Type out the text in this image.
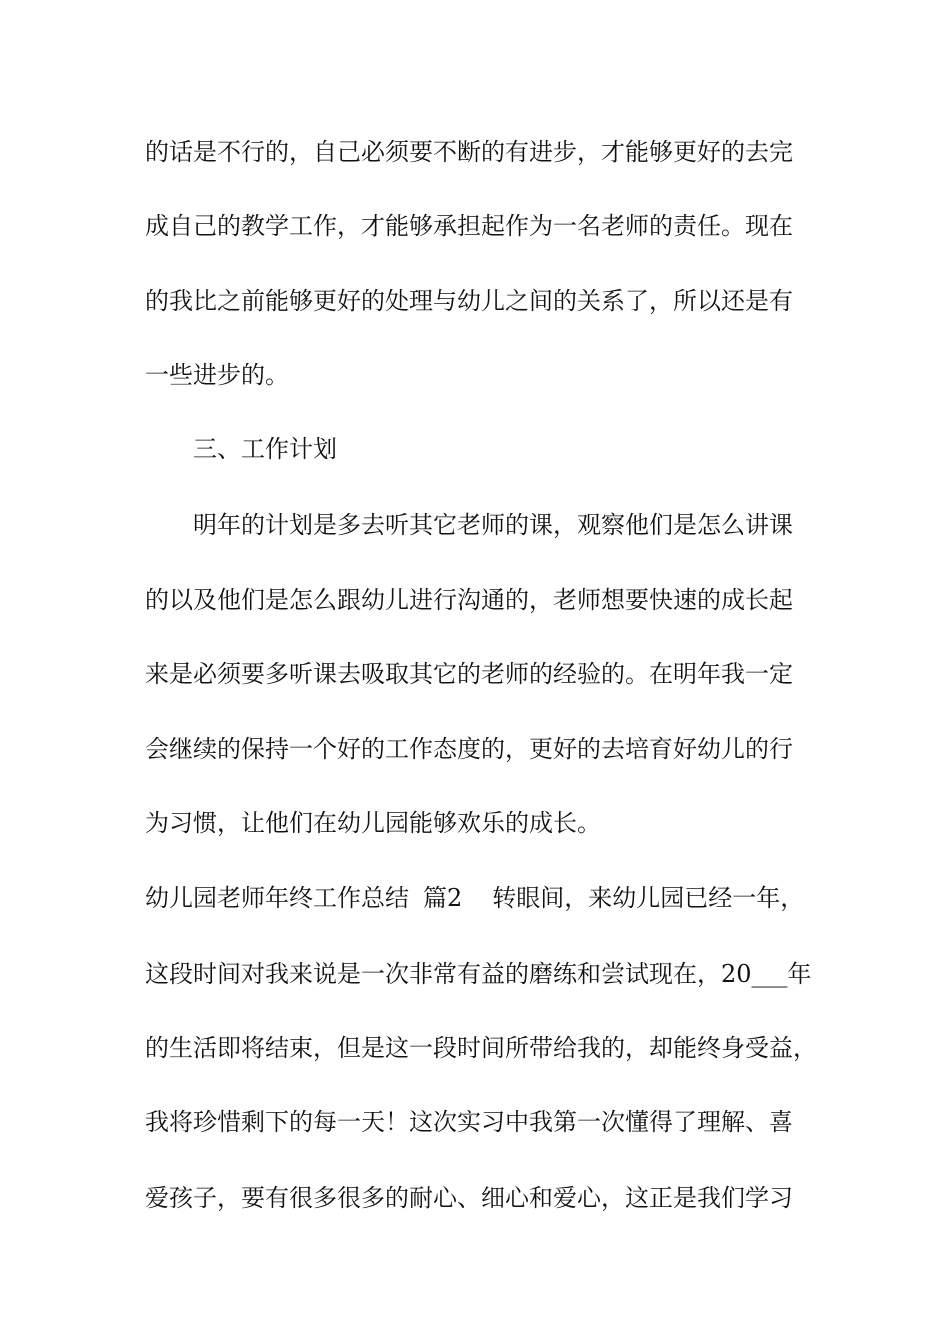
的话是不行的，自己必须要不断的有进步，才能够更好的去完
成自己的教学工作，才能够承担起作为一名老师的责任。现在
的我比之前能够更好的处理与幼儿之间的关系了，所以还是有
一些进步的。
三、工作计划
明年的计划是多去听其它老师的课，观察他们是怎么讲课
的以及他们是怎么跟幼儿进行沟通的，老师想要快速的成长起
来是必须要多听课去吸取其它的老师的经验的。在明年我一定
会继续的保持一个好的工作态度的，更好的去培育好幼儿的行
为习惯，让他们在幼儿园能够欢乐的成长。
幼儿园老师年终工作总结 篇2 转眼间，来幼儿园已经一年，
这段时间对我来说是一次非常有益的磨练和尝试现在，20___年
的生活即将结束，但是这一段时间所带给我的，却能终身受益，
我将珍惜剩下的每一天！这次实习中我第一次懂得了理解、喜
爱孩子，要有很多很多的耐心、细心和爱心，这正是我们学习
